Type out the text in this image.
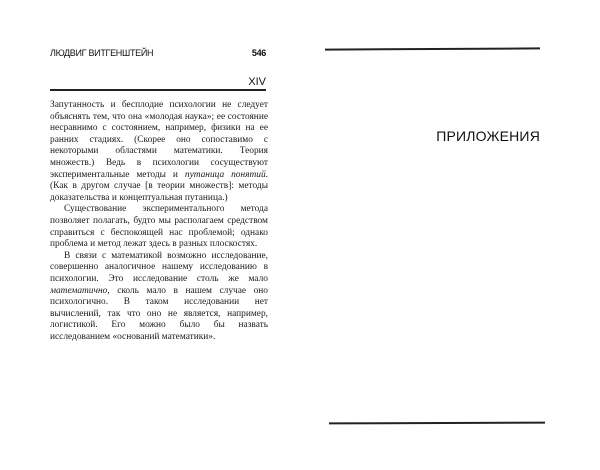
ЛЮДВИГ ВИТГЕНШТЕЙН	546
XIV

Запутанность и бесплодие психологии не следует объяснять тем, что она «молодая наука»; ее состояние несравнимо с состоянием, например, физики на ее ранних стадиях. (Скорее оно сопоставимо с некоторыми областями математики. Теория множеств.) Ведь в психологии сосуществуют экспериментальные методы и путаница понятий. (Как в другом случае [в теории множеств]: методы доказательства и концептуальная путаница.)

Существование экспериментального метода позволяет полагать, будто мы располагаем средством справиться с беспокоящей нас проблемой; однако проблема и метод лежат здесь в разных плоскостях.

В связи с математикой возможно исследование, совершенно аналогичное нашему исследованию в психологии. Это исследование столь же мало математично, сколь мало в нашем случае оно психологично. В таком исследовании нет вычислений, так что оно не является, например, логистикой. Его можно было бы назвать исследованием «оснований математики».

ПРИЛОЖЕНИЯ
